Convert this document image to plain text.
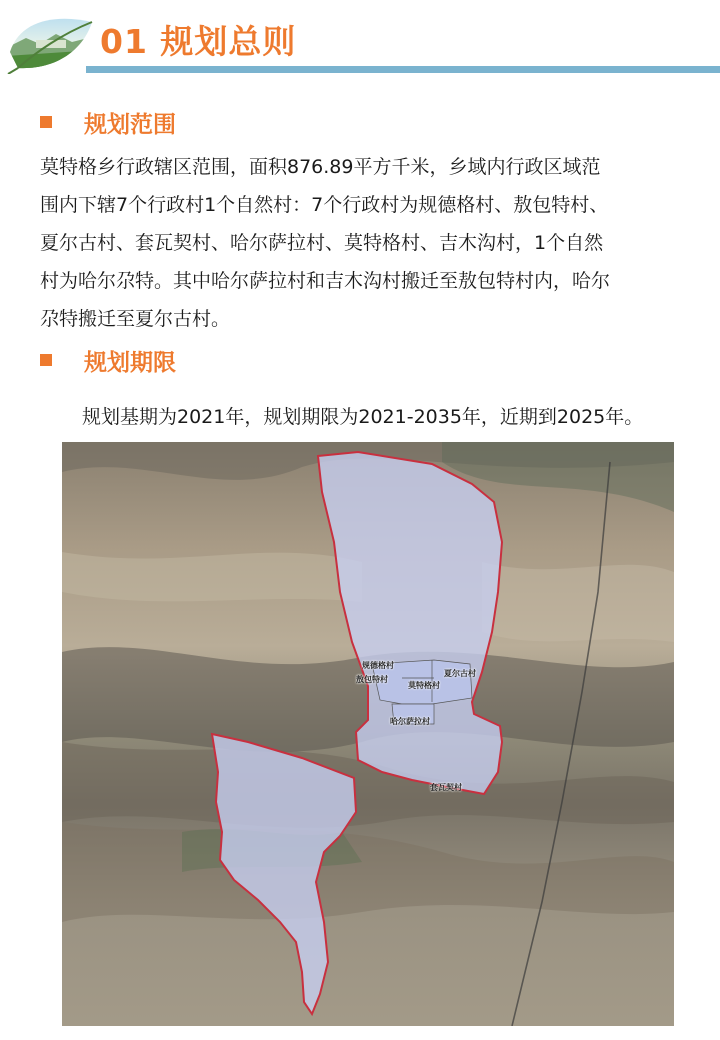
01 规划总则
规划范围
莫特格乡行政辖区范围，面积876.89平方千米，乡域内行政区域范
围内下辖7个行政村1个自然村：7个行政村为规德格村、敖包特村、
夏尔古村、套瓦契村、哈尔萨拉村、莫特格村、吉木沟村，1个自然
村为哈尔尕特。其中哈尔萨拉村和吉木沟村搬迁至敖包特村内，哈尔
尕特搬迁至夏尔古村。
规划期限
规划基期为2021年，规划期限为2021-2035年，近期到2025年。
规德格村
敖包特村
夏尔古村
莫特格村
哈尔萨拉村
套瓦契村
